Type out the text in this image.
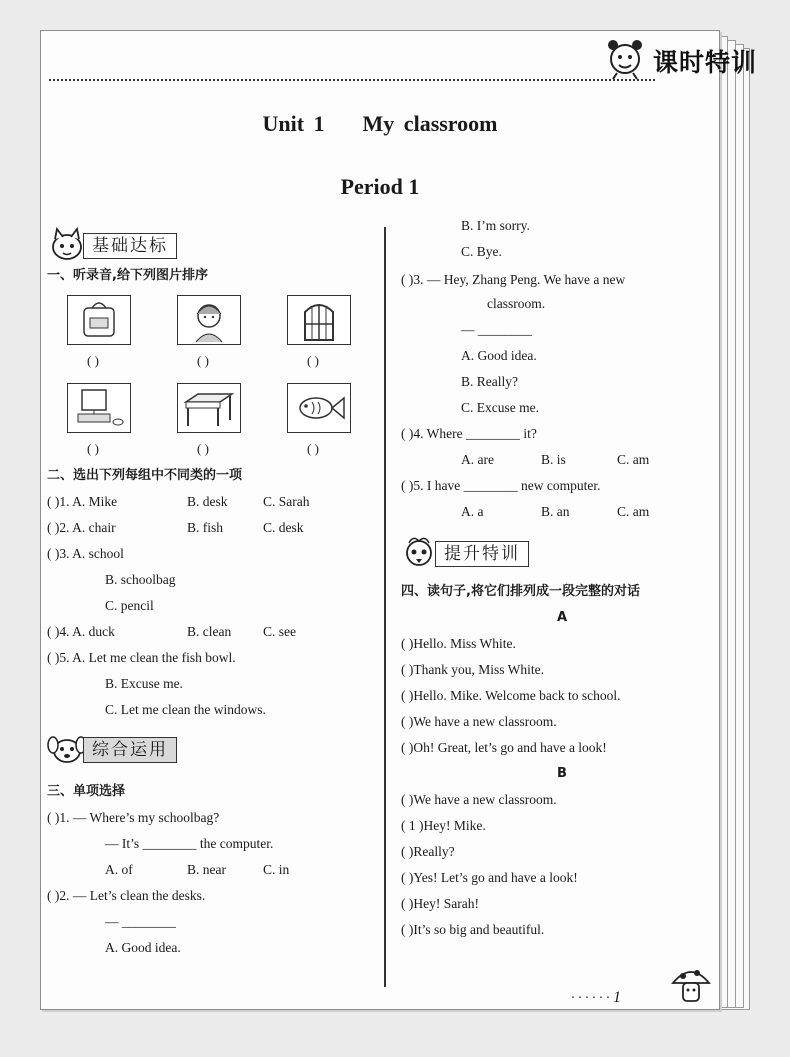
课时特训
Unit 1 My classroom
Period 1
基础达标
一、听录音,给下列图片排序
( )	( )	( )
( )	( )	( )
二、选出下列每组中不同类的一项
( )1. A. Mike	B. desk	C. Sarah
( )2. A. chair	B. fish	C. desk
( )3. A. school
B. schoolbag
C. pencil
( )4. A. duck	B. clean C. see
( )5. A. Let me clean the fish bowl.
B. Excuse me.
C. Let me clean the windows.
综合运用
三、单项选择
( )1. — Where’s my schoolbag?
— It’s ________ the computer.
A. of	B. near	C. in
( )2. — Let’s clean the desks.
— ________
A. Good idea.
B. I’m sorry.
C. Bye.
( )3. — Hey, Zhang Peng. We have a new
classroom.
— ________
A. Good idea.
B. Really?
C. Excuse me.
( )4. Where ________ it?
A. are	B. is	C. am
( )5. I have ________ new computer.
A. a	B. an	C. am
提升特训
四、读句子,将它们排列成一段完整的对话
A
( )Hello. Miss White.
( )Thank you, Miss White.
( )Hello. Mike. Welcome back to school.
( )We have a new classroom.
( )Oh! Great, let’s go and have a look!
B
( )We have a new classroom.
( 1 )Hey! Mike.
( )Really?
( )Yes! Let’s go and have a look!
( )Hey! Sarah!
( )It’s so big and beautiful.
· · · · · · 1
